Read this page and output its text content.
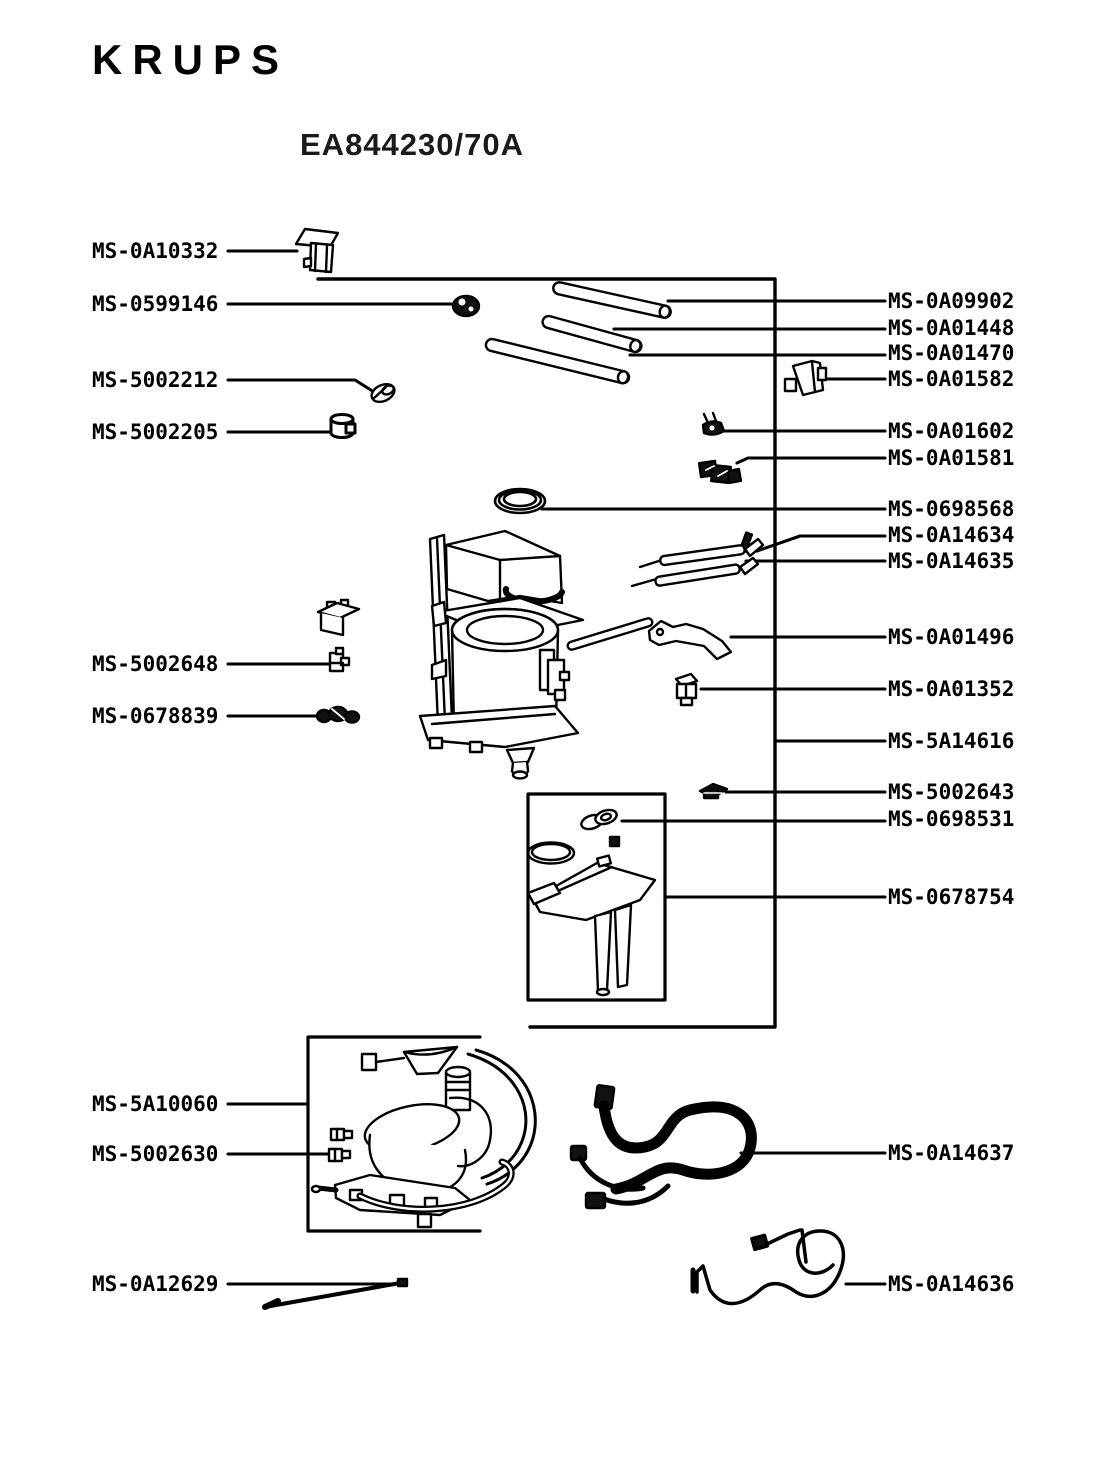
KRUPS
EA844230/70A
MS-0A10332
MS-0599146
MS-5002212
MS-5002205
MS-5002648
MS-0678839
MS-5A10060
MS-5002630
MS-0A12629
MS-0A09902
MS-0A01448
MS-0A01470
MS-0A01582
MS-0A01602
MS-0A01581
MS-0698568
MS-0A14634
MS-0A14635
MS-0A01496
MS-0A01352
MS-5A14616
MS-5002643
MS-0698531
MS-0678754
MS-0A14637
MS-0A14636
